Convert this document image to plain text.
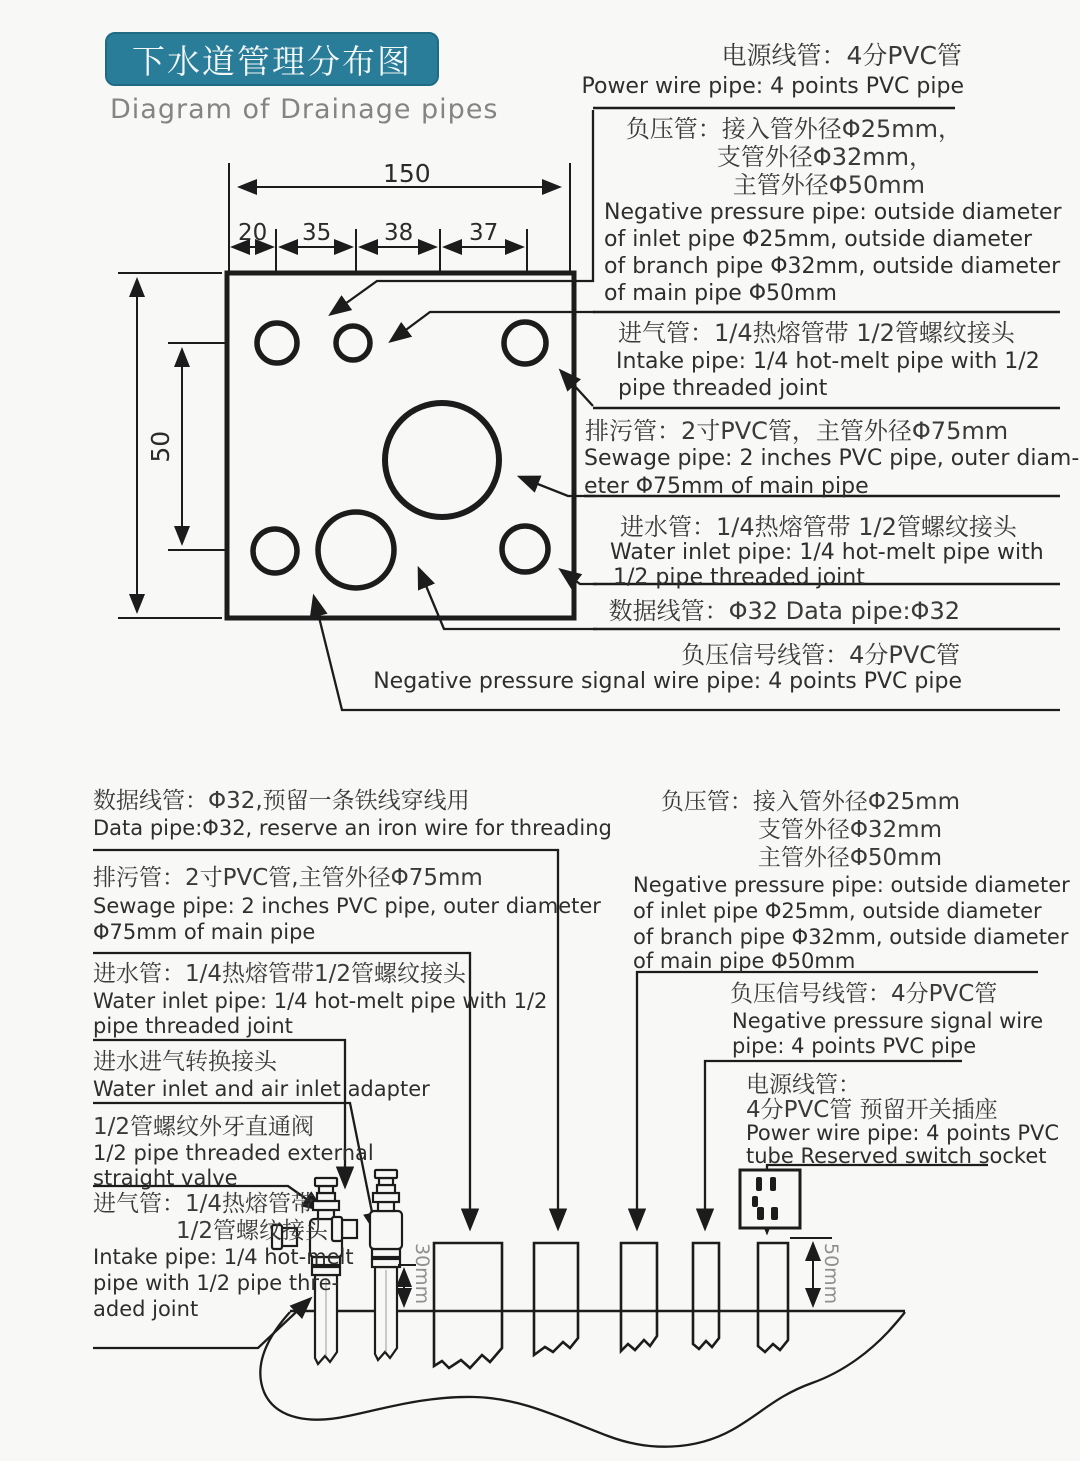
下水道管理分布图
Diagram of Drainage pipes
150
20 35 38 37
50
30mm	50mm
电源线管：4分PVC管
Power wire pipe: 4 points PVC pipe
负压管：接入管外径Φ25mm，
支管外径Φ32mm，
主管外径Φ50mm
Negative pressure pipe: outside diameter
of inlet pipe Φ25mm, outside diameter
of branch pipe Φ32mm, outside diameter
of main pipe Φ50mm
进气管：1/4热熔管带 1/2管螺纹接头
Intake pipe: 1/4 hot-melt pipe with 1/2
pipe threaded joint
排污管：2寸PVC管，主管外径Φ75mm
Sewage pipe: 2 inches PVC pipe, outer diam-
eter Φ75mm of main pipe
进水管：1/4热熔管带 1/2管螺纹接头
Water inlet pipe: 1/4 hot-melt pipe with
1/2 pipe threaded joint
数据线管：Φ32 Data pipe:Φ32
负压信号线管：4分PVC管
Negative pressure signal wire pipe: 4 points PVC pipe
数据线管：Φ32,预留一条铁线穿线用
Data pipe:Φ32, reserve an iron wire for threading
排污管：2寸PVC管,主管外径Φ75mm
Sewage pipe: 2 inches PVC pipe, outer diameter
Φ75mm of main pipe
进水管：1/4热熔管带1/2管螺纹接头
Water inlet pipe: 1/4 hot-melt pipe with 1/2
pipe threaded joint
进水进气转换接头
Water inlet and air inlet adapter
1/2管螺纹外牙直通阀
1/2 pipe threaded external
straight valve
进气管：1/4热熔管带
1/2管螺纹接头
Intake pipe: 1/4 hot-melt
pipe with 1/2 pipe thre-
aded joint
负压管：接入管外径Φ25mm
支管外径Φ32mm
主管外径Φ50mm
Negative pressure pipe: outside diameter
of inlet pipe Φ25mm, outside diameter
of branch pipe Φ32mm, outside diameter
of main pipe Φ50mm
负压信号线管：4分PVC管
Negative pressure signal wire
pipe: 4 points PVC pipe
电源线管：
4分PVC管 预留开关插座
Power wire pipe: 4 points PVC
tube Reserved switch socket
